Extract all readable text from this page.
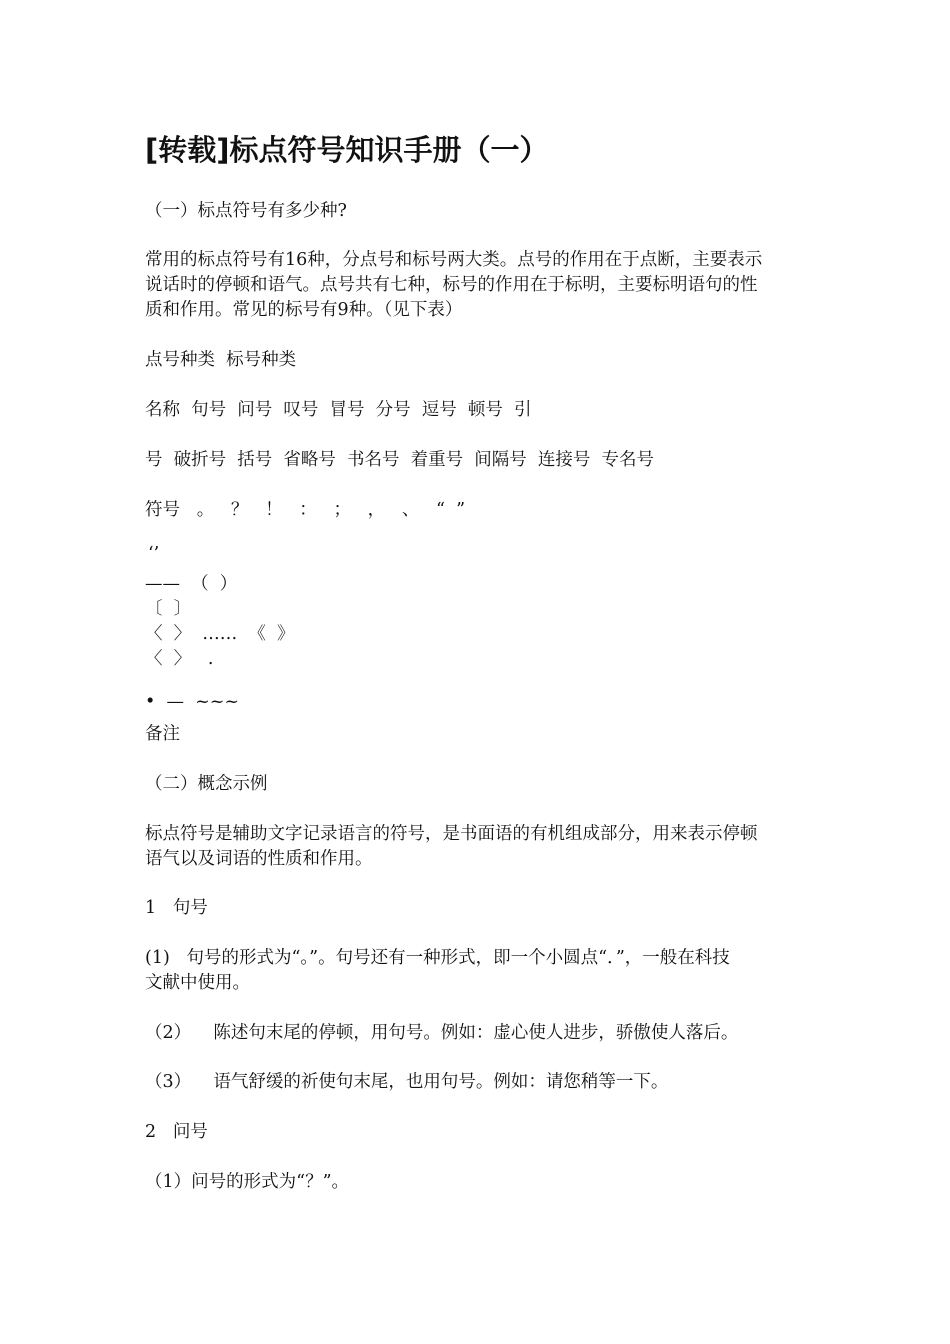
[转载]标点符号知识手册（一）

（一）标点符号有多少种?

常用的标点符号有16种，分点号和标号两大类。点号的作用在于点断，主要表示

说话时的停顿和语气。点号共有七种，标号的作用在于标明，主要标明语句的性

质和作用。常见的标号有9种。（见下表）

点号种类  标号种类

名称  句号  问号  叹号  冒号  分号  逗号  顿号  引

号  破折号  括号  省略号  书名号  着重号  间隔号  连接号  专名号

符号   。   ？   ！   ：   ；   ，   、   “  ”

‘’
——  （  ）
〔  〕
〈  〉  ……  《  》
〈  〉   .
•  —  ~~~

备注

（二）概念示例

标点符号是辅助文字记录语言的符号，是书面语的有机组成部分，用来表示停顿

语气以及词语的性质和作用。

1   句号

(1)   句号的形式为“。”。句号还有一种形式，即一个小圆点“．”，一般在科技

文献中使用。

（2）    陈述句末尾的停顿，用句号。例如：虚心使人进步，骄傲使人落后。

（3）    语气舒缓的祈使句末尾，也用句号。例如：请您稍等一下。

2   问号

（1）问号的形式为“？”。
